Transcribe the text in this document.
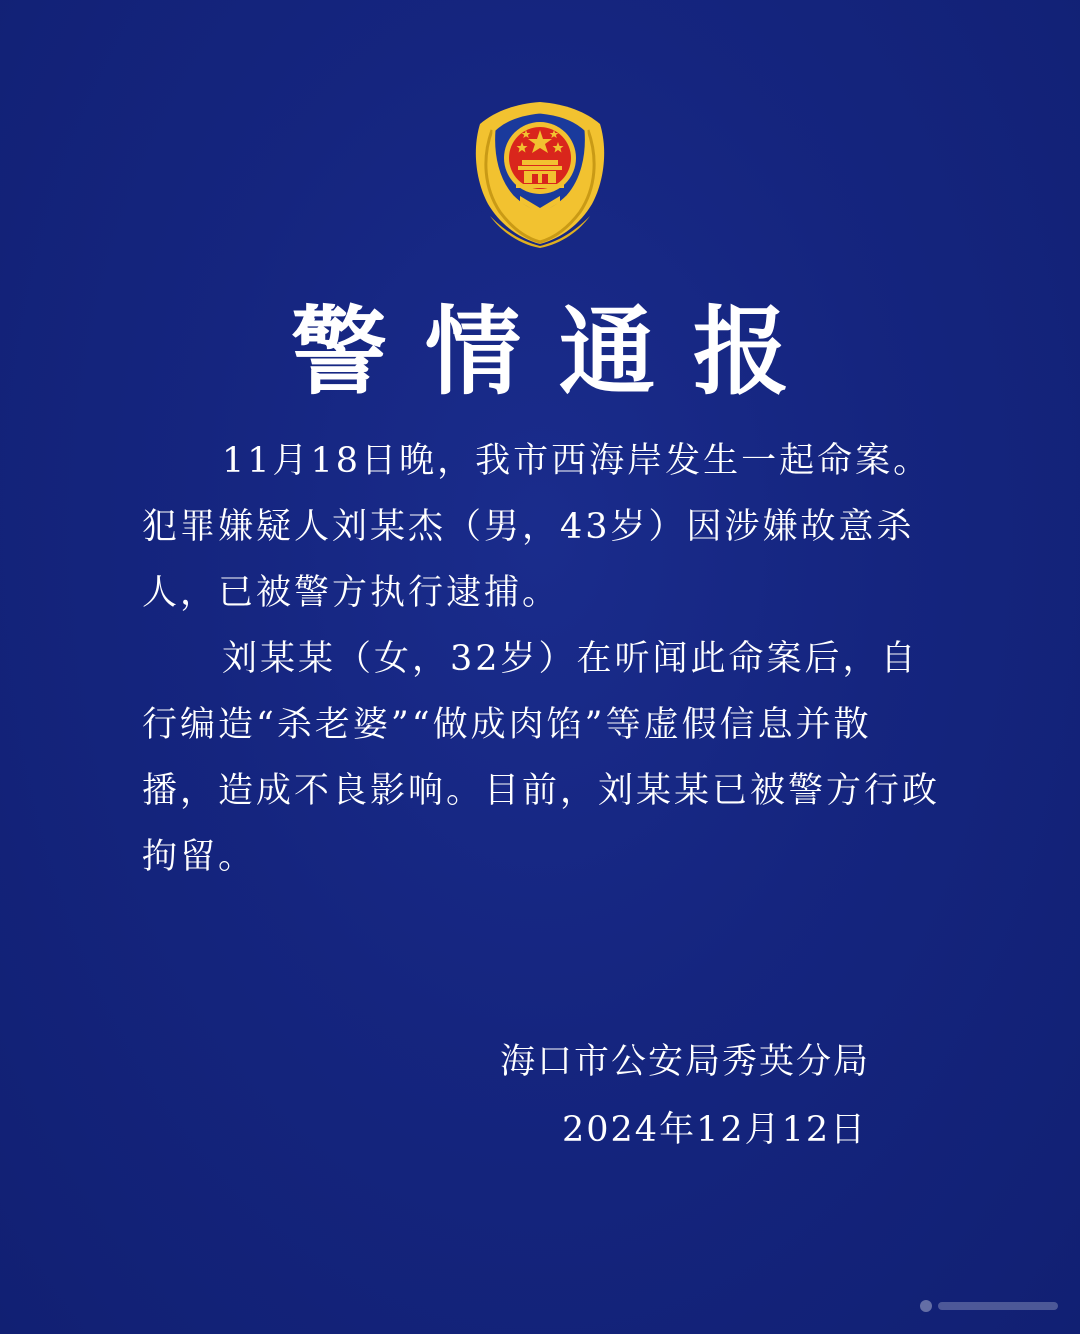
警情通报

11月18日晚，我市西海岸发生一起命案。犯罪嫌疑人刘某杰（男，43岁）因涉嫌故意杀人，已被警方执行逮捕。

刘某某（女，32岁）在听闻此命案后，自行编造“杀老婆”“做成肉馅”等虚假信息并散播，造成不良影响。目前，刘某某已被警方行政拘留。

海口市公安局秀英分局
2024年12月12日
